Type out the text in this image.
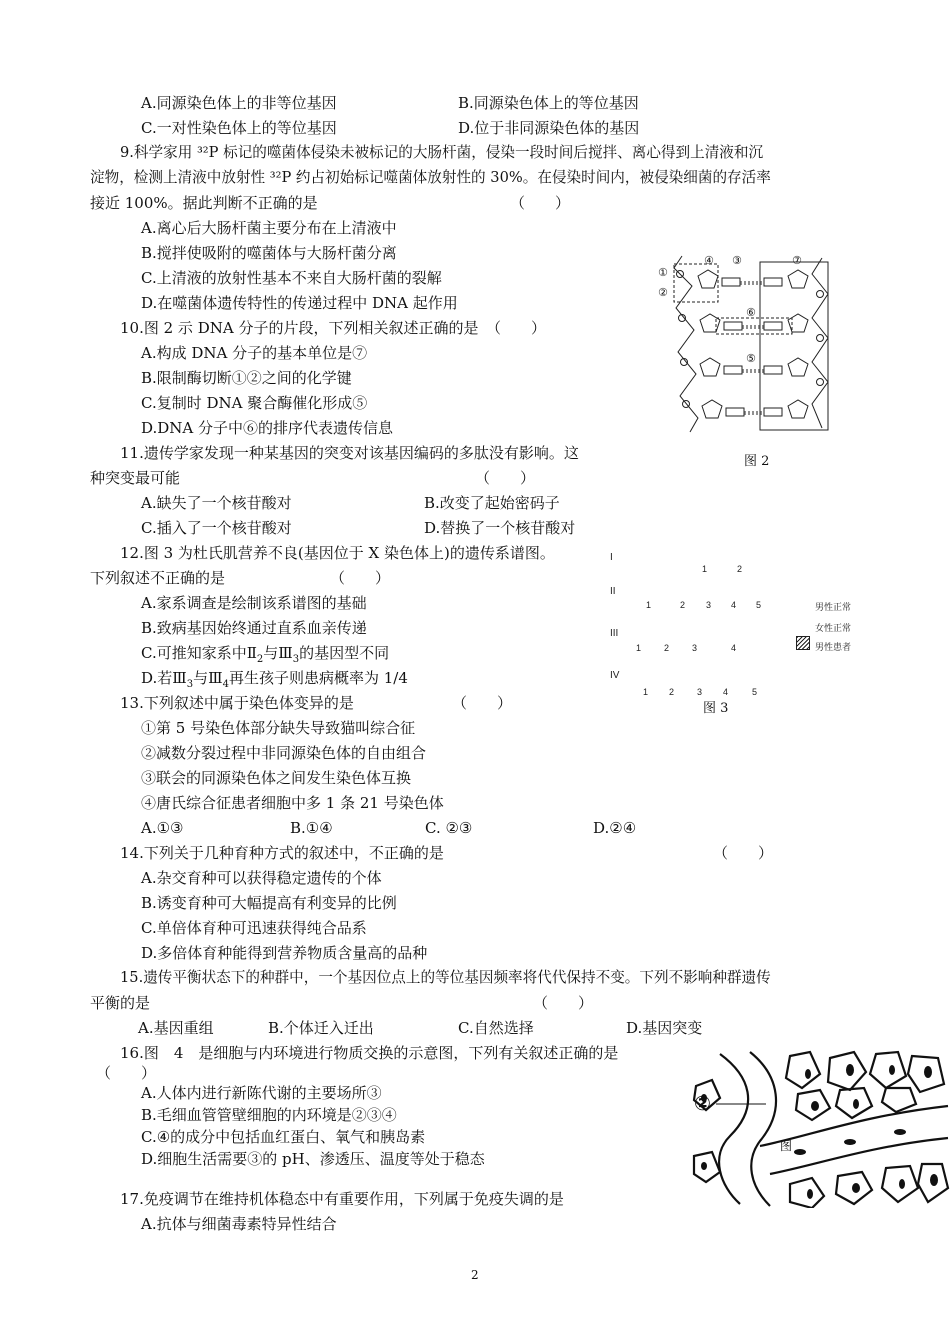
A.同源染色体上的非等位基因	B.同源染色体上的等位基因
C.一对性染色体上的等位基因	D.位于非同源染色体的基因
9.科学家用 ³²P 标记的噬菌体侵染未被标记的大肠杆菌，侵染一段时间后搅拌、离心得到上清液和沉
淀物，检测上清液中放射性 ³²P 约占初始标记噬菌体放射性的 30%。在侵染时间内，被侵染细菌的存活率
接近 100%。据此判断不正确的是	（　　）
A.离心后大肠杆菌主要分布在上清液中
B.搅拌使吸附的噬菌体与大肠杆菌分离
C.上清液的放射性基本不来自大肠杆菌的裂解
D.在噬菌体遗传特性的传递过程中 DNA 起作用
10.图 2 示 DNA 分子的片段，下列相关叙述正确的是　（　　）
A.构成 DNA 分子的基本单位是⑦
B.限制酶切断①②之间的化学键
C.复制时 DNA 聚合酶催化形成⑤
D.DNA 分子中⑥的排序代表遗传信息
①
②
③
④
⑤
⑥
⑦
图 2
11.遗传学家发现一种某基因的突变对该基因编码的多肽没有影响。这
种突变最可能	（　　）
A.缺失了一个核苷酸对	B.改变了起始密码子
C.插入了一个核苷酸对	D.替换了一个核苷酸对
12.图 3 为杜氏肌营养不良(基因位于 X 染色体上)的遗传系谱图。
下列叙述不正确的是	（　　）
A.家系调查是绘制该系谱图的基础
B.致病基因始终通过直系血亲传递
C.可推知家系中$Ⅱ_2$与$Ⅲ_3$的基因型不同
D.若$Ⅲ_3$与$Ⅲ_4$再生孩子则患病概率为 1/4
I
II
III
IV
1	2
1	2 3 4 5
1	2	3	4
1 2	3 4	5
男性正常
女性正常
男性患者
图 3
13.下列叙述中属于染色体变异的是	（　　）
①第 5 号染色体部分缺失导致猫叫综合征
②减数分裂过程中非同源染色体的自由组合
③联会的同源染色体之间发生染色体互换
④唐氏综合征患者细胞中多 1 条 21 号染色体
A.①③	B.①④	C. ②③	D.②④
14.下列关于几种育种方式的叙述中，不正确的是	（　　）
A.杂交育种可以获得稳定遗传的个体
B.诱变育种可大幅提高有利变异的比例
C.单倍体育种可迅速获得纯合品系
D.多倍体育种能得到营养物质含量高的品种
15.遗传平衡状态下的种群中，一个基因位点上的等位基因频率将代代保持不变。下列不影响种群遗传
平衡的是	（　　）
A.基因重组	B.个体迁入迁出	C.自然选择	D.基因突变
16.图　4　是细胞与内环境进行物质交换的示意图，下列有关叙述正确的是
（　　）
A.人体内进行新陈代谢的主要场所③
B.毛细血管管壁细胞的内环境是②③④
C.④的成分中包括血红蛋白、氧气和胰岛素
D.细胞生活需要③的 pH、渗透压、温度等处于稳态
②
图
17.免疫调节在维持机体稳态中有重要作用，下列属于免疫失调的是
A.抗体与细菌毒素特异性结合
2
